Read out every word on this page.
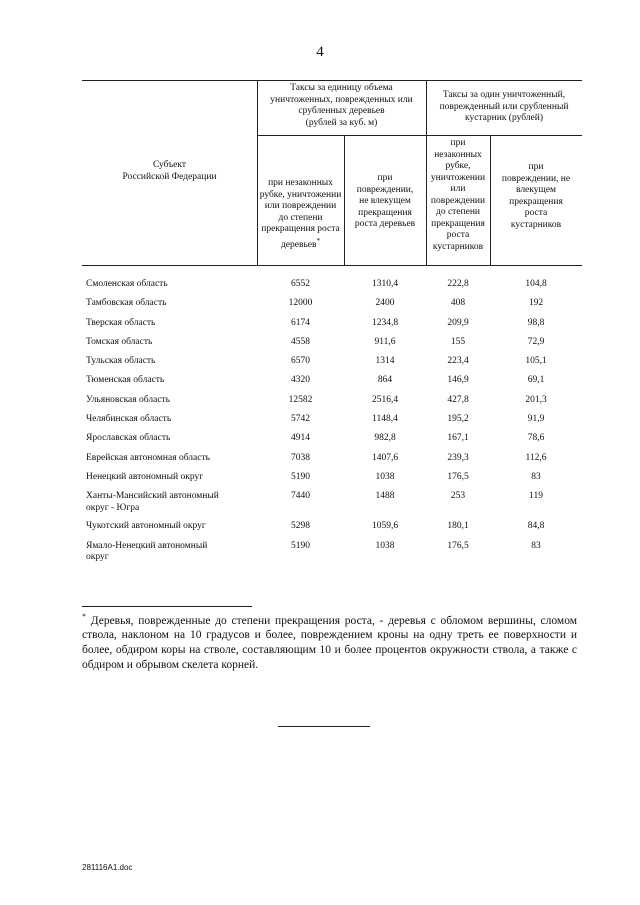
4
Субъект
Российской Федерации
Таксы за единицу объема
уничтоженных, поврежденных или
срубленных деревьев
(рублей за куб. м)
Таксы за один уничтоженный,
поврежденный или срубленный
кустарник (рублей)
при незаконных
рубке, уничтожении
или повреждении
до степени
прекращения роста
деревьев*
при
повреждении,
не влекущем
прекращения
роста деревьев
при
незаконных
рубке,
уничтожении
или
повреждении
до степени
прекращения
роста
кустарников
при
повреждении, не
влекущем
прекращения
роста
кустарников
Смоленская область	6552	1310,4	222,8	104,8
Тамбовская область	12000	2400	408	192
Тверская область	6174	1234,8	209,9	98,8
Томская область	4558	911,6	155	72,9
Тульская область	6570	1314	223,4	105,1
Тюменская область	4320	864	146,9	69,1
Ульяновская область	12582	2516,4	427,8	201,3
Челябинская область	5742	1148,4	195,2	91,9
Ярославская область	4914	982,8	167,1	78,6
Еврейская автономная область	7038	1407,6	239,3	112,6
Ненецкий автономный округ	5190	1038	176,5	83
Ханты-Мансийский автономный
округ - Югра
7440	1488	253	119
Чукотский автономный округ	5298	1059,6	180,1	84,8
Ямало-Ненецкий автономный
округ
5190	1038	176,5	83
* Деревья, поврежденные до степени прекращения роста, - деревья с обломом вершины, сломом ствола, наклоном на 10 градусов и более, повреждением кроны на одну треть ее поверхности и более, обдиром коры на стволе, составляющим 10 и более процентов окружности ствола, а также с обдиром и обрывом скелета корней.
281116A1.doc
